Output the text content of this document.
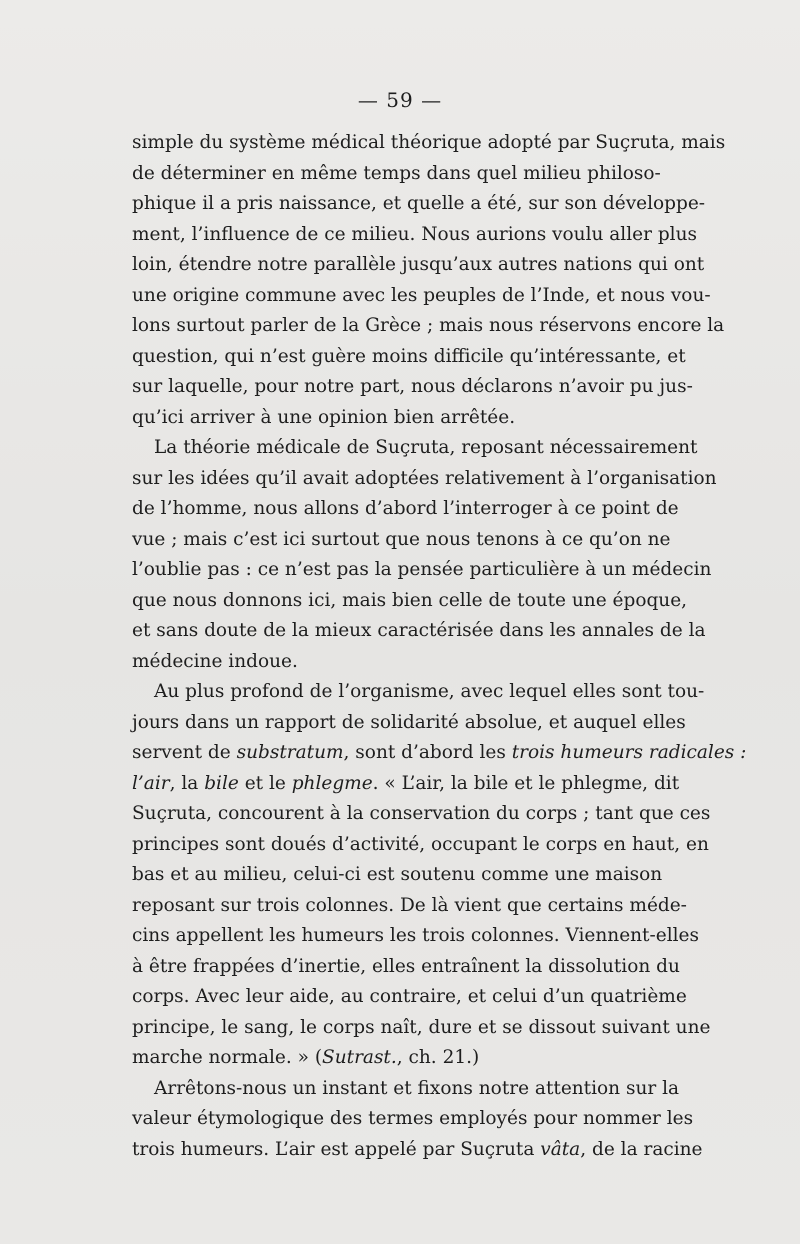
— 59 —
simple du système médical théorique adopté par Suçruta, mais
de déterminer en même temps dans quel milieu philoso-
phique il a pris naissance, et quelle a été, sur son développe-
ment, l’influence de ce milieu. Nous aurions voulu aller plus
loin, étendre notre parallèle jusqu’aux autres nations qui ont
une origine commune avec les peuples de l’Inde, et nous vou-
lons surtout parler de la Grèce ; mais nous réservons encore la
question, qui n’est guère moins difficile qu’intéressante, et
sur laquelle, pour notre part, nous déclarons n’avoir pu jus-
qu’ici arriver à une opinion bien arrêtée.
La théorie médicale de Suçruta, reposant nécessairement
sur les idées qu’il avait adoptées relativement à l’organisation
de l’homme, nous allons d’abord l’interroger à ce point de
vue ; mais c’est ici surtout que nous tenons à ce qu’on ne
l’oublie pas : ce n’est pas la pensée particulière à un médecin
que nous donnons ici, mais bien celle de toute une époque,
et sans doute de la mieux caractérisée dans les annales de la
médecine indoue.
Au plus profond de l’organisme, avec lequel elles sont tou-
jours dans un rapport de solidarité absolue, et auquel elles
servent de substratum, sont d’abord les trois humeurs radicales :
l’air, la bile et le phlegme. « L’air, la bile et le phlegme, dit
Suçruta, concourent à la conservation du corps ; tant que ces
principes sont doués d’activité, occupant le corps en haut, en
bas et au milieu, celui-ci est soutenu comme une maison
reposant sur trois colonnes. De là vient que certains méde-
cins appellent les humeurs les trois colonnes. Viennent-elles
à être frappées d’inertie, elles entraînent la dissolution du
corps. Avec leur aide, au contraire, et celui d’un quatrième
principe, le sang, le corps naît, dure et se dissout suivant une
marche normale. » (Sutrast., ch. 21.)
Arrêtons-nous un instant et fixons notre attention sur la
valeur étymologique des termes employés pour nommer les
trois humeurs. L’air est appelé par Suçruta vâta, de la racine
